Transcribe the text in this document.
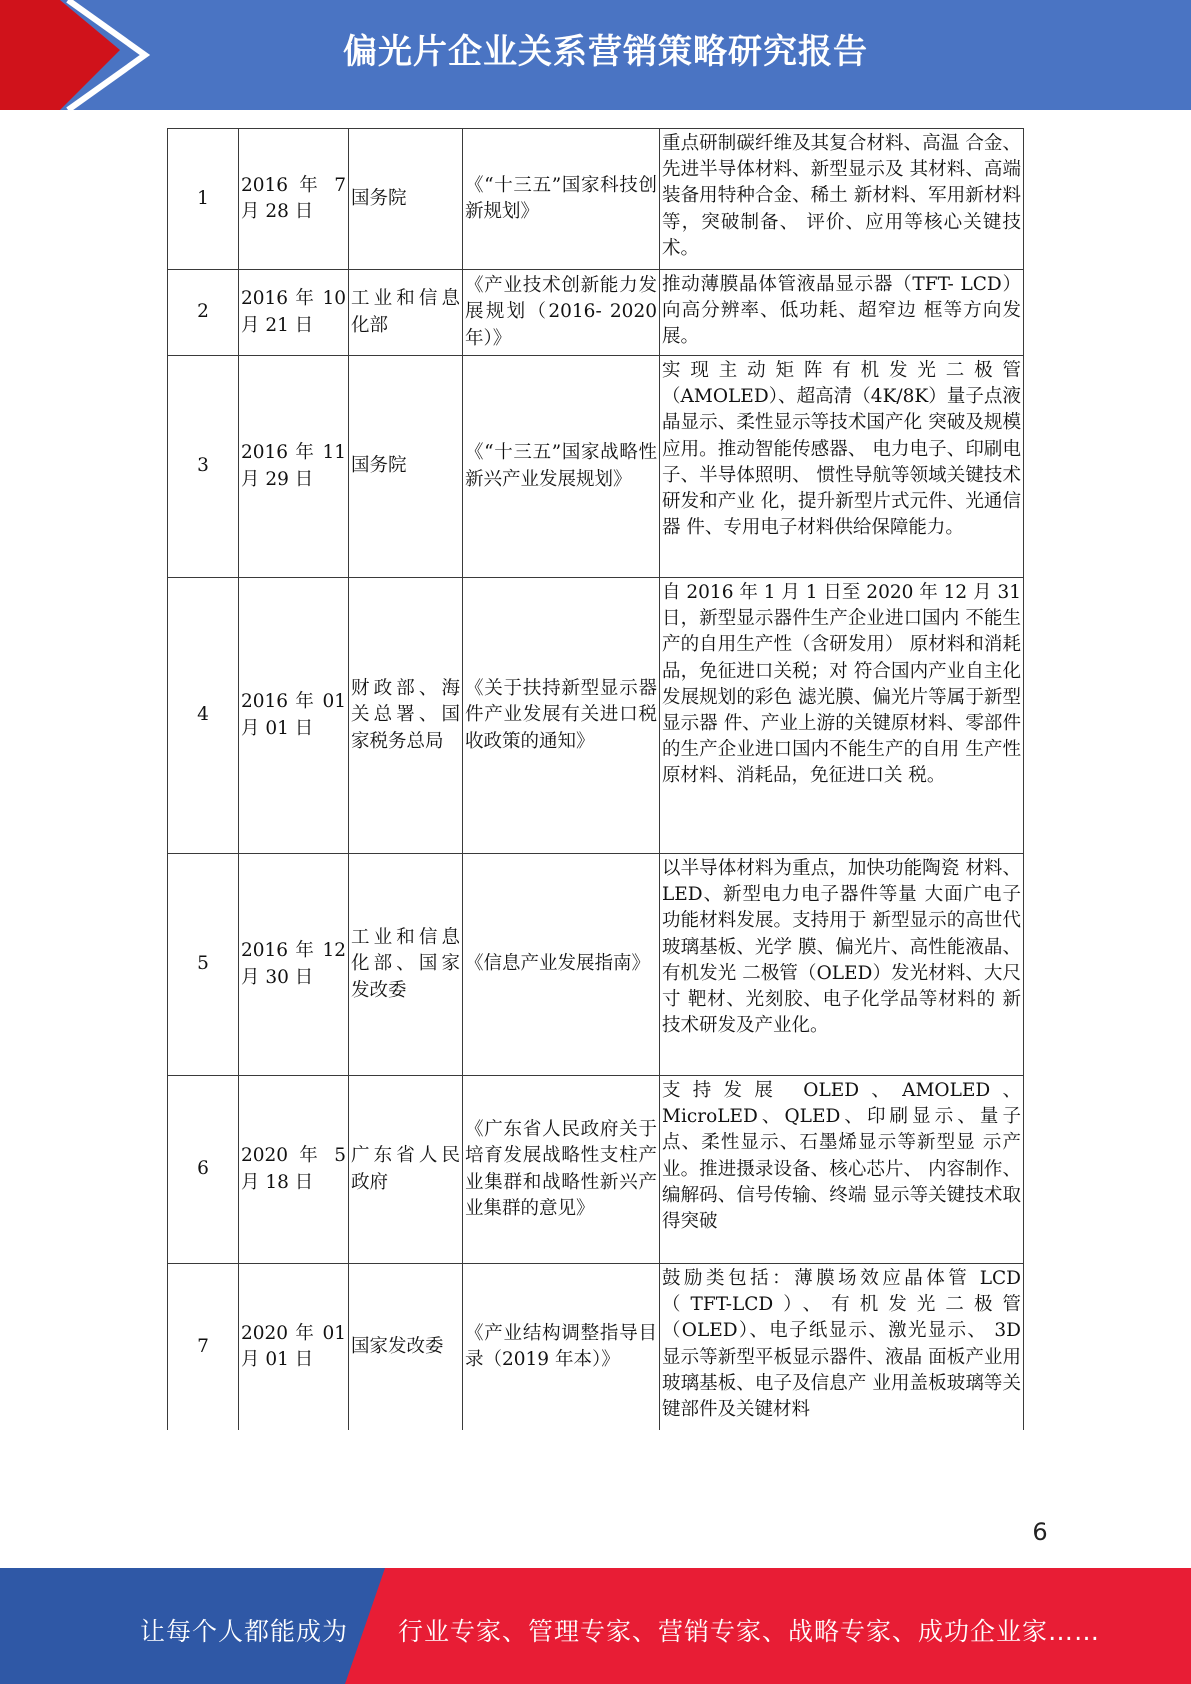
偏光片企业关系营销策略研究报告
1	2016 年 7 月 28 日	国务院	《“十三五”国家科技创新规划》	重点研制碳纤维及其复合材料、高温 合金、先进半导体材料、新型显示及 其材料、高端装备用特种合金、稀土 新材料、军用新材料等，突破制备、 评价、应用等核心关键技术。
2	2016 年 10 月 21 日	工业和信息化部	《产业技术创新能力发展规划（2016- 2020 年）》	推动薄膜晶体管液晶显示器（TFT- LCD）向高分辨率、低功耗、超窄边 框等方向发展。
3	2016 年 11 月 29 日	国务院	《“十三五”国家战略性新兴产业发展规划》	实现主动矩阵有机发光二极管（AMOLED）、超高清（4K/8K）量子点液晶显示、柔性显示等技术国产化 突破及规模应用。推动智能传感器、 电力电子、印刷电子、半导体照明、 惯性导航等领域关键技术研发和产业 化，提升新型片式元件、光通信器 件、专用电子材料供给保障能力。
4	2016 年 01 月 01 日	财政部、海关总署、国家税务总局	《关于扶持新型显示器件产业发展有关进口税收政策的通知》	自 2016 年 1 月 1 日至 2020 年 12 月 31 日，新型显示器件生产企业进口国内 不能生产的自用生产性（含研发用） 原材料和消耗品，免征进口关税；对 符合国内产业自主化发展规划的彩色 滤光膜、偏光片等属于新型显示器 件、产业上游的关键原材料、零部件 的生产企业进口国内不能生产的自用 生产性原材料、消耗品，免征进口关 税。
5	2016 年 12 月 30 日	工业和信息化部、国家发改委	《信息产业发展指南》	以半导体材料为重点，加快功能陶瓷 材料、LED、新型电力电子器件等量 大面广电子功能材料发展。支持用于 新型显示的高世代玻璃基板、光学 膜、偏光片、高性能液晶、有机发光 二极管（OLED）发光材料、大尺寸 靶材、光刻胶、电子化学品等材料的 新技术研发及产业化。
6	2020 年 5 月 18 日	广东省人民政府	《广东省人民政府关于培育发展战略性支柱产业集群和战略性新兴产业集群的意见》	支持发展 OLED、AMOLED、MicroLED、QLED、印刷显示、量子 点、柔性显示、石墨烯显示等新型显 示产业。推进摄录设备、核心芯片、 内容制作、编解码、信号传输、终端 显示等关键技术取得突破
7	2020 年 01 月 01 日	国家发改委	《产业结构调整指导目录（2019 年本）》	鼓励类包括：薄膜场效应晶体管 LCD（TFT-LCD）、有机发光二极管（OLED）、电子纸显示、激光显示、 3D 显示等新型平板显示器件、液晶 面板产业用玻璃基板、电子及信息产 业用盖板玻璃等关键部件及关键材料
6
让每个人都能成为 行业专家、管理专家、营销专家、战略专家、成功企业家……
